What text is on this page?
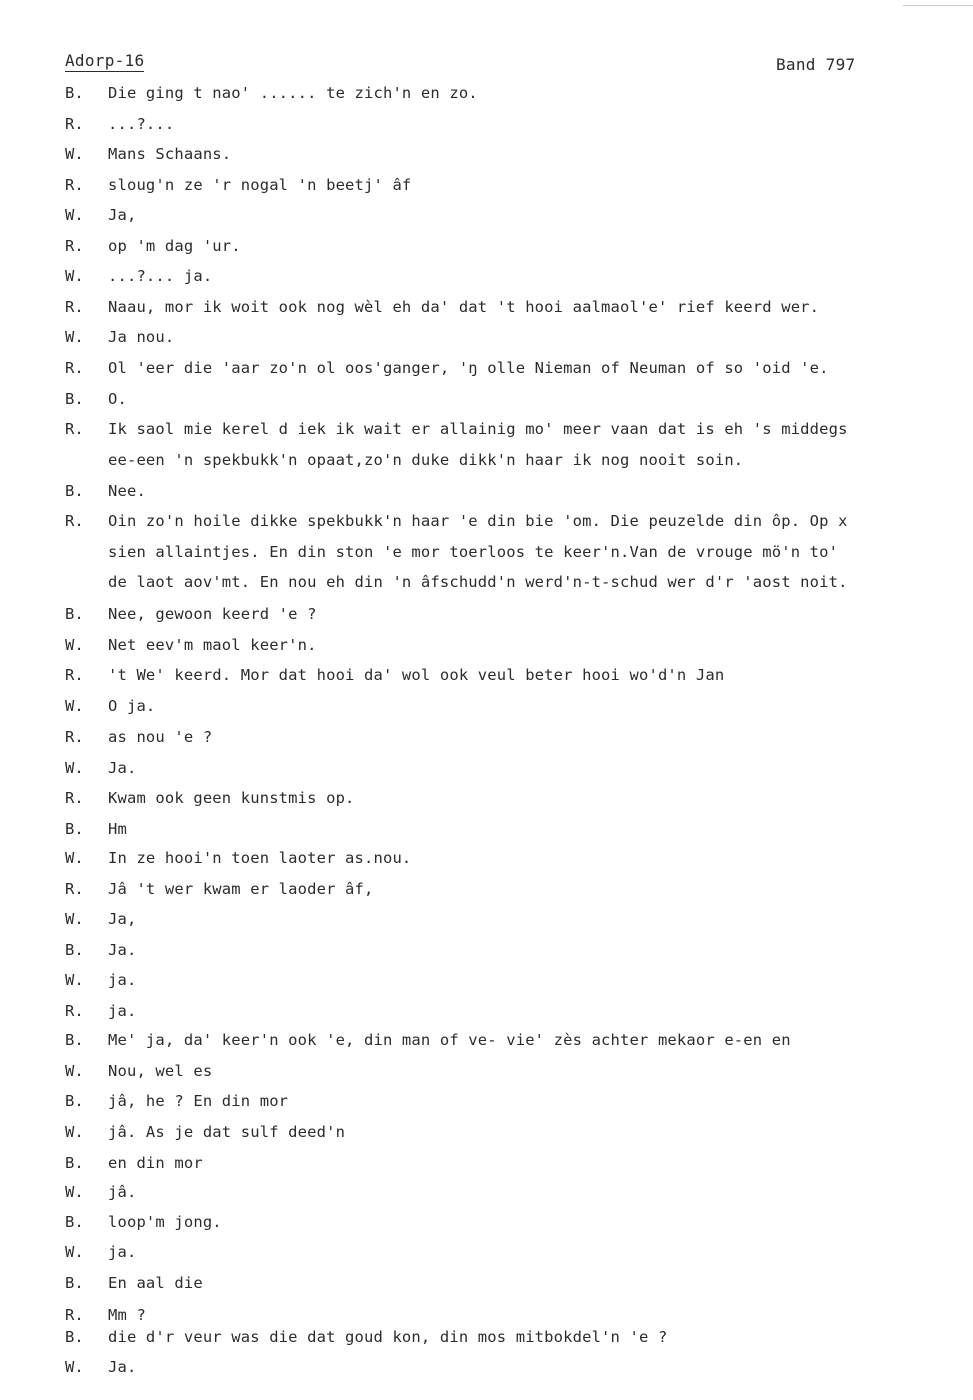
Adorp-16	Band 797
B.	Die ging t nao' ...... te zich'n en zo.
R.	...?...
W.	Mans Schaans.
R.	sloug'n ze 'r nogal 'n beetj' âf
W.	Ja,
R.	op 'm dag 'ur.
W.	...?... ja.
R.	Naau, mor ik woit ook nog wèl eh da' dat 't hooi aalmaol'e' rief keerd wer.
W.	Ja nou.
R.	Ol 'eer die 'aar zo'n ol oos'ganger, 'ŋ olle Nieman of Neuman of so 'oid 'e.
B.	O.
R.	Ik saol mie kerel d iek ik wait er allainig mo' meer vaan dat is eh 's middegs
ee-een 'n spekbukk'n opaat,zo'n duke dikk'n haar ik nog nooit soin.
B.	Nee.
R.	Oin zo'n hoile dikke spekbukk'n haar 'e din bie 'om. Die peuzelde din ôp. Op x
sien allaintjes. En din ston 'e mor toerloos te keer'n.Van de vrouge mö'n to'
de laot aov'mt. En nou eh din 'n âfschudd'n werd'n-t-schud wer d'r 'aost noit.
B.	Nee, gewoon keerd 'e ?
W.	Net eev'm maol keer'n.
R.	't We' keerd. Mor dat hooi da' wol ook veul beter hooi wo'd'n Jan
W.	O ja.
R.	as nou 'e ?
W.	Ja.
R.	Kwam ook geen kunstmis op.
B.	Hm
W.	In ze hooi'n toen laoter as.nou.
R.	Jâ 't wer kwam er laoder âf,
W.	Ja,
B.	Ja.
W.	ja.
R.	ja.
B.	Me' ja, da' keer'n ook 'e, din man of ve- vie' zès achter mekaor e-en en
W.	Nou, wel es
B.	jâ, he ? En din mor
W.	jâ. As je dat sulf deed'n
B.	en din mor
W.	jâ.
B.	loop'm jong.
W.	ja.
B.	En aal die
R.	Mm ?
B.	die d'r veur was die dat goud kon, din mos mitbokdel'n 'e ?
W.	Ja.
